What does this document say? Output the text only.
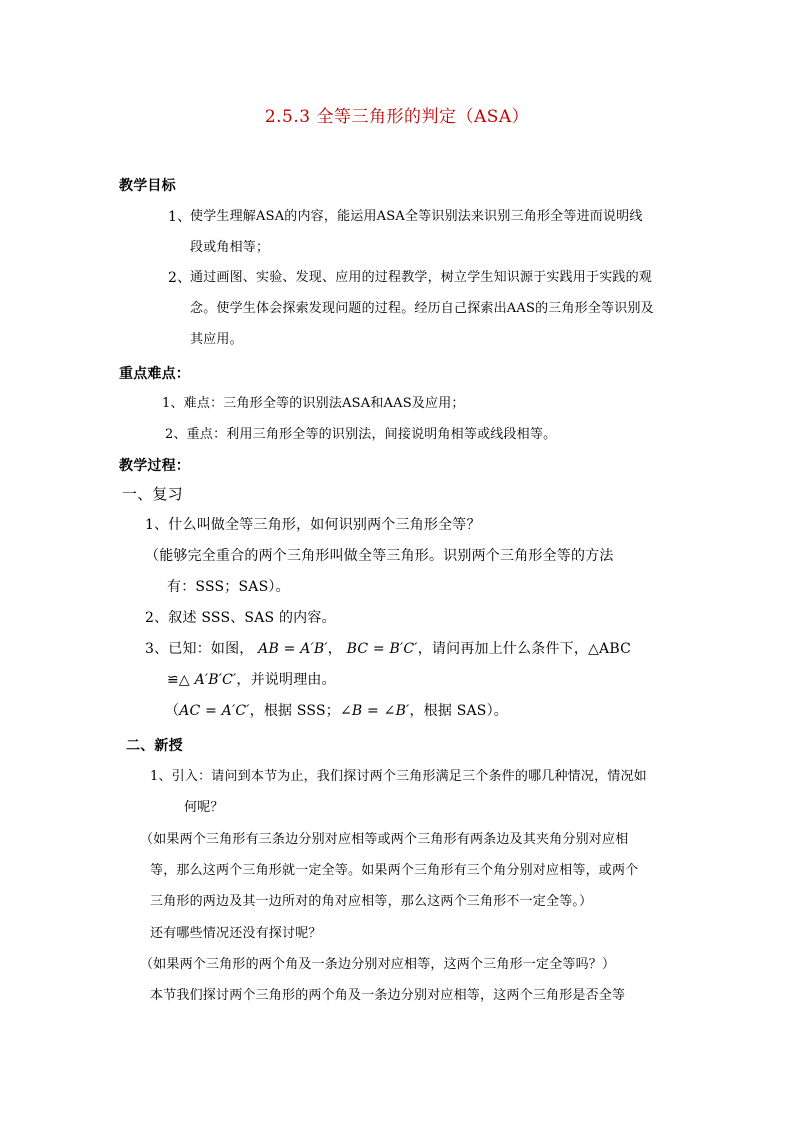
2.5.3 全等三角形的判定（ASA）
教学目标
1、
使学生理解ASA的内容，能运用ASA全等识别法来识别三角形全等进而说明线
段或角相等；
2、
通过画图、实验、发现、应用的过程教学，树立学生知识源于实践用于实践的观
念。使学生体会探索发现问题的过程。经历自己探索出AAS的三角形全等识别及
其应用。
重点难点：
1、难点：三角形全等的识别法ASA和AAS及应用；
2、重点：利用三角形全等的识别法，间接说明角相等或线段相等。
教学过程：
一、复习
1、什么叫做全等三角形，如何识别两个三角形全等？
（能够完全重合的两个三角形叫做全等三角形。识别两个三角形全等的方法
有：SSS；SAS）。
2、叙述 SSS、SAS 的内容。
3、已知：如图， AB = A′B′， BC = B′C′，请问再加上什么条件下，△ABC
≌△ A′B′C′，并说明理由。
（AC = A′C′，根据 SSS；∠B = ∠B′，根据 SAS）。
二、新授
1、引入：请问到本节为止，我们探讨两个三角形满足三个条件的哪几种情况，情况如
何呢？
（如果两个三角形有三条边分别对应相等或两个三角形有两条边及其夹角分别对应相
等，那么这两个三角形就一定全等。如果两个三角形有三个角分别对应相等，或两个
三角形的两边及其一边所对的角对应相等，那么这两个三角形不一定全等。）
还有哪些情况还没有探讨呢？
（如果两个三角形的两个角及一条边分别对应相等，这两个三角形一定全等吗？）
本节我们探讨两个三角形的两个角及一条边分别对应相等，这两个三角形是否全等
